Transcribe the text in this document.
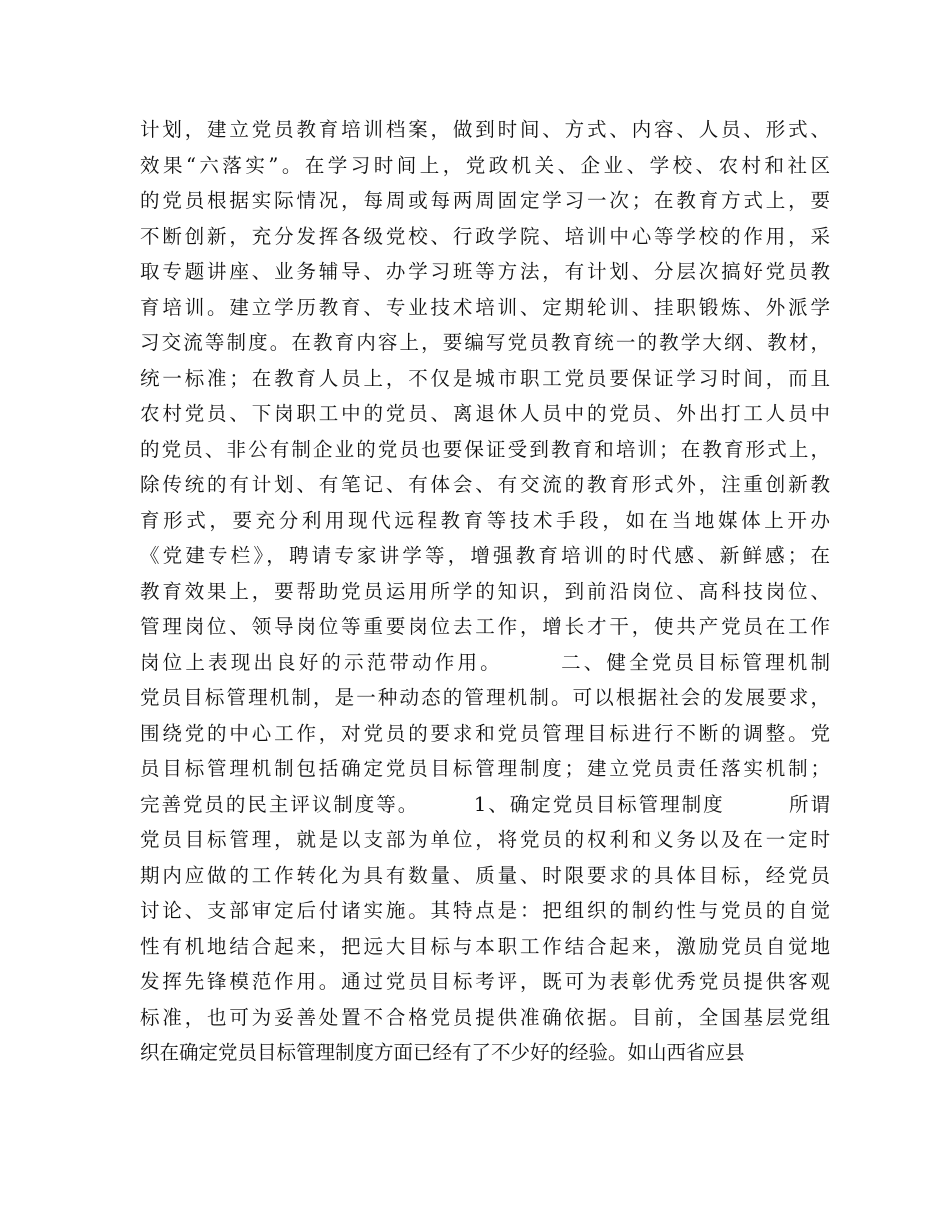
计划，建立党员教育培训档案，做到时间、方式、内容、人员、形式、
效果“六落实”。在学习时间上，党政机关、企业、学校、农村和社区
的党员根据实际情况，每周或每两周固定学习一次；在教育方式上，要
不断创新，充分发挥各级党校、行政学院、培训中心等学校的作用，采
取专题讲座、业务辅导、办学习班等方法，有计划、分层次搞好党员教
育培训。建立学历教育、专业技术培训、定期轮训、挂职锻炼、外派学
习交流等制度。在教育内容上，要编写党员教育统一的教学大纲、教材，
统一标准；在教育人员上，不仅是城市职工党员要保证学习时间，而且
农村党员、下岗职工中的党员、离退休人员中的党员、外出打工人员中
的党员、非公有制企业的党员也要保证受到教育和培训；在教育形式上，
除传统的有计划、有笔记、有体会、有交流的教育形式外，注重创新教
育形式，要充分利用现代远程教育等技术手段，如在当地媒体上开办
《党建专栏》，聘请专家讲学等，增强教育培训的时代感、新鲜感；在
教育效果上，要帮助党员运用所学的知识，到前沿岗位、高科技岗位、
管理岗位、领导岗位等重要岗位去工作，增长才干，使共产党员在工作
岗位上表现出良好的示范带动作用。　　　二、健全党员目标管理机制
党员目标管理机制，是一种动态的管理机制。可以根据社会的发展要求，
围绕党的中心工作，对党员的要求和党员管理目标进行不断的调整。党
员目标管理机制包括确定党员目标管理制度；建立党员责任落实机制；
完善党员的民主评议制度等。　　　1、确定党员目标管理制度　　　所谓
党员目标管理，就是以支部为单位，将党员的权利和义务以及在一定时
期内应做的工作转化为具有数量、质量、时限要求的具体目标，经党员
讨论、支部审定后付诸实施。其特点是：把组织的制约性与党员的自觉
性有机地结合起来，把远大目标与本职工作结合起来，激励党员自觉地
发挥先锋模范作用。通过党员目标考评，既可为表彰优秀党员提供客观
标准，也可为妥善处置不合格党员提供准确依据。目前，全国基层党组
织在确定党员目标管理制度方面已经有了不少好的经验。如山西省应县
